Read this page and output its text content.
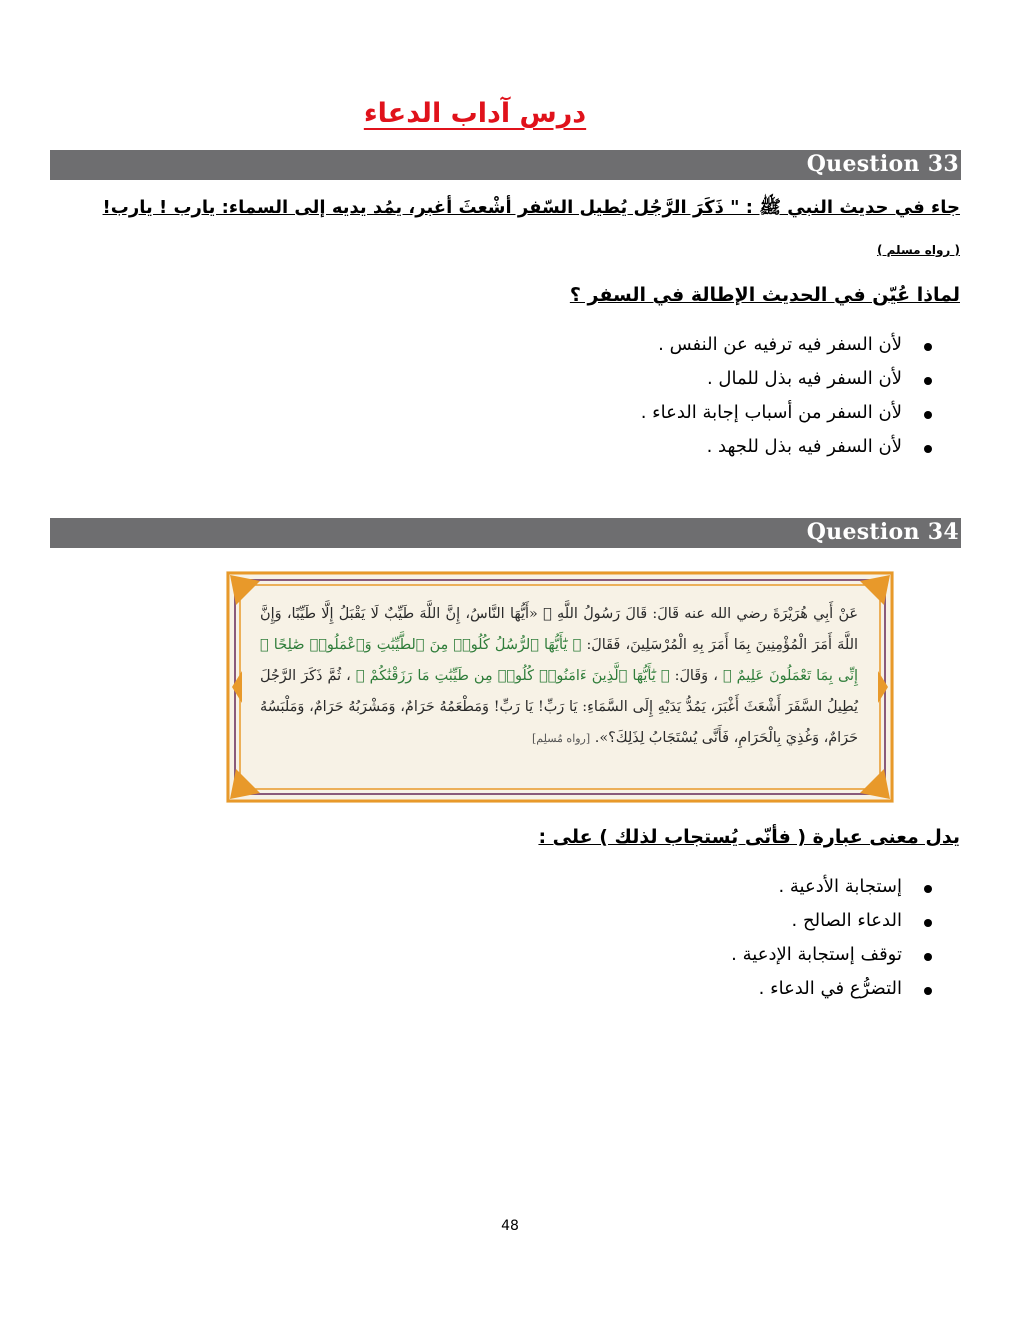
درس آداب الدعاء
Question 33
جاء في حديث النبي ﷺ : " ذَكَرَ الرَّجُل يُطيل السّفر أشْعثَ أغبر، يمُد يديه إلى السماء: يارب ! يارب!
( رواه مسلم )
لماذا عُيّن في الحديث الإطالة في السفر ؟
لأن السفر فيه ترفيه عن النفس .
لأن السفر فيه بذل للمال .
لأن السفر من أسباب إجابة الدعاء .
لأن السفر فيه بذل للجهد .
Question 34
عَنْ أَبِي هُرَيْرَةَ رضي الله عنه قَالَ: قَالَ رَسُولُ اللَّهِ ﷺ «أَيُّهَا النَّاسُ، إِنَّ اللَّهَ طَيِّبٌ لَا يَقْبَلُ إِلَّا طَيِّبًا، وَإِنَّ اللَّهَ أَمَرَ الْمُؤْمِنِينَ بِمَا أَمَرَ بِهِ الْمُرْسَلِينَ، فَقَالَ: ﴿ يَٰٓأَيُّهَا ٱلرُّسُلُ كُلُوا۟ مِنَ ٱلطَّيِّبَٰتِ وَٱعْمَلُوا۟ صَٰلِحًا ۖ إِنِّى بِمَا تَعْمَلُونَ عَلِيمٌ ﴾ ، وَقَالَ: ﴿ يَٰٓأَيُّهَا ٱلَّذِينَ ءَامَنُوا۟ كُلُوا۟ مِن طَيِّبَٰتِ مَا رَزَقْنَٰكُمْ ﴾ ، ثُمَّ ذَكَرَ الرَّجُلَ يُطِيلُ السَّفَرَ أَشْعَثَ أَغْبَرَ، يَمُدُّ يَدَيْهِ إِلَى السَّمَاءِ: يَا رَبِّ! يَا رَبِّ! وَمَطْعَمُهُ حَرَامٌ، وَمَشْرَبُهُ حَرَامٌ، وَمَلْبَسُهُ حَرَامٌ، وَغُذِيَ بِالْحَرَامِ، فَأَنَّى يُسْتَجَابُ لِذَلِكَ؟». [رواه مُسلِم]
يدل معنى عبارة ( فأنّى يُستجاب لذلك ) على :
إستجابة الأدعية .
الدعاء الصالح .
توقف إستجابة الإدعية .
التضرُّع في الدعاء .
48
